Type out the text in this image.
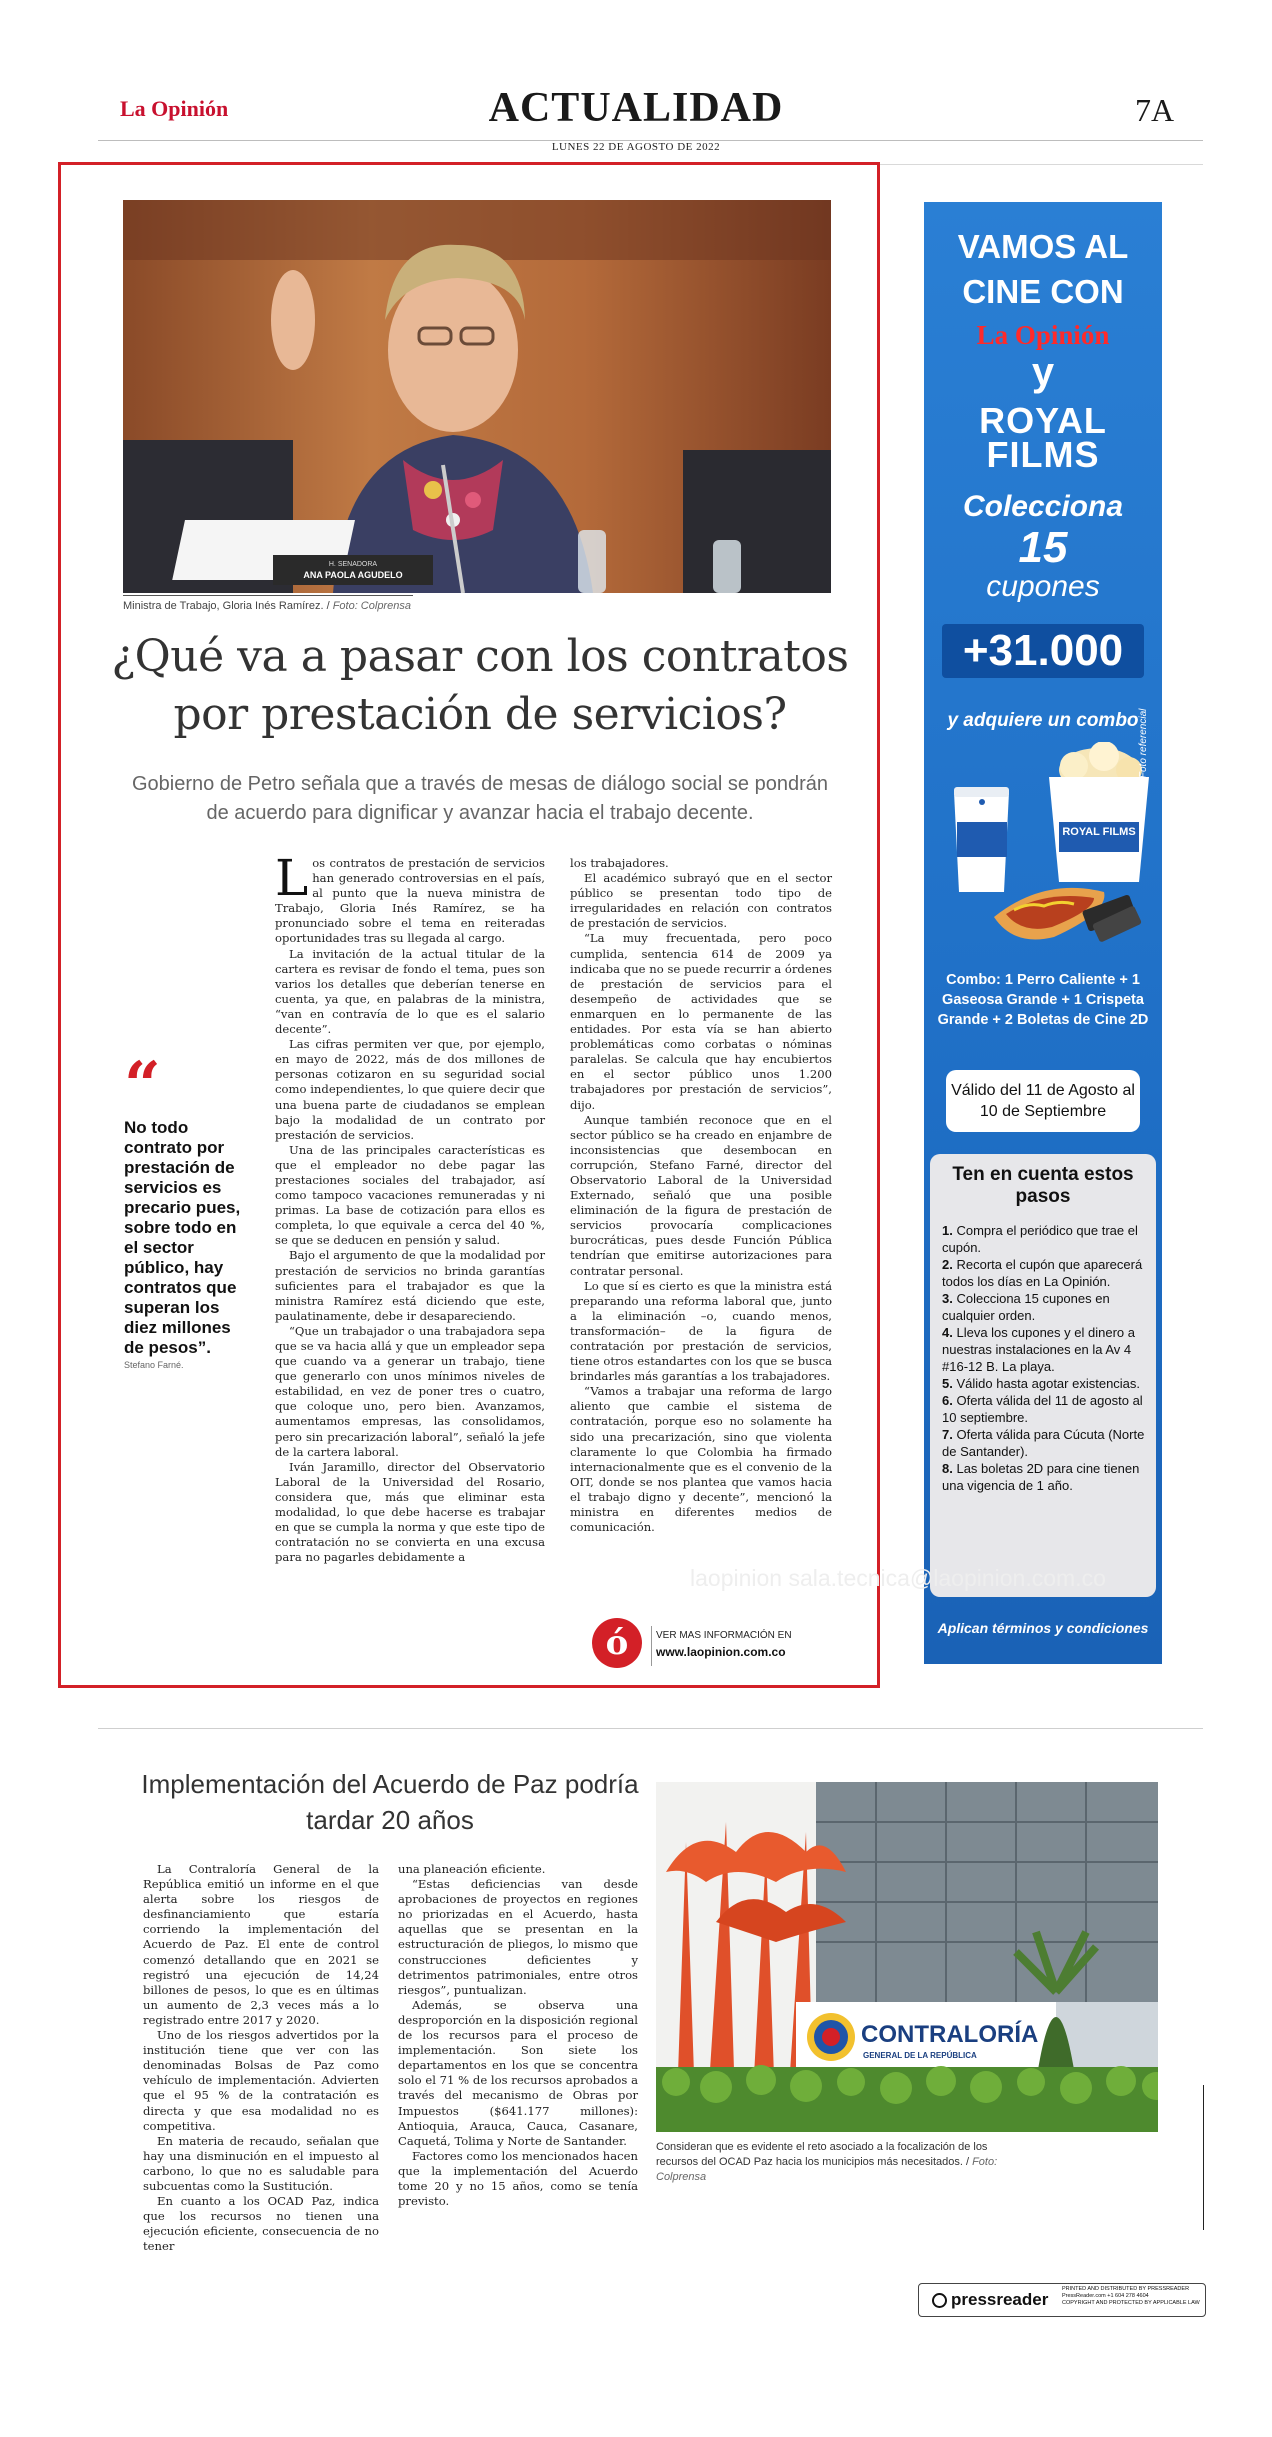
La Opinión	ACTUALIDAD	7A
LUNES 22 DE AGOSTO DE 2022
H. SENADORA
ANA PAOLA AGUDELO
Ministra de Trabajo, Gloria Inés Ramírez. / Foto: Colprensa
¿Qué va a pasar con los contratos por prestación de servicios?
Gobierno de Petro señala que a través de mesas de diálogo social se pondrán de acuerdo para dignificar y avanzar hacia el trabajo decente.
“
No todo contrato por prestación de servicios es precario pues, sobre todo en el sector público, hay contratos que superan los diez millones de pesos”.
Stefano Farné.

Los contratos de prestación de servicios han generado controversias en el país, al punto que la nueva ministra de Trabajo, Gloria Inés Ramírez, se ha pronunciado sobre el tema en reiteradas oportunidades tras su llegada al cargo.

La invitación de la actual titular de la cartera es revisar de fondo el tema, pues son varios los detalles que deberían tenerse en cuenta, ya que, en palabras de la ministra, “van en contravía de lo que es el salario decente”.

Las cifras permiten ver que, por ejemplo, en mayo de 2022, más de dos millones de personas cotizaron en su seguridad social como independientes, lo que quiere decir que una buena parte de ciudadanos se emplean bajo la modalidad de un contrato por prestación de servicios.

Una de las principales características es que el empleador no debe pagar las prestaciones sociales del trabajador, así como tampoco vacaciones remuneradas y ni primas. La base de cotización para ellos es completa, lo que equivale a cerca del 40 %, se que se deducen en pensión y salud.

Bajo el argumento de que la modalidad por prestación de servicios no brinda garantías suficientes para el trabajador es que la ministra Ramírez está diciendo que este, paulatinamente, debe ir desapareciendo.

“Que un trabajador o una trabajadora sepa que se va hacia allá y que un empleador sepa que cuando va a generar un trabajo, tiene que generarlo con unos mínimos niveles de estabilidad, en vez de poner tres o cuatro, que coloque uno, pero bien. Avanzamos, aumentamos empresas, las consolidamos, pero sin precarización laboral”, señaló la jefe de la cartera laboral.

Iván Jaramillo, director del Observatorio Laboral de la Universidad del Rosario, considera que, más que eliminar esta modalidad, lo que debe hacerse es trabajar en que se cumpla la norma y que este tipo de contratación no se convierta en una excusa para no pagarles debidamente a

los trabajadores.

El académico subrayó que en el sector público se presentan todo tipo de irregularidades en relación con contratos de prestación de servicios.

“La muy frecuentada, pero poco cumplida, sentencia 614 de 2009 ya indicaba que no se puede recurrir a órdenes de prestación de servicios para el desempeño de actividades que se enmarquen en lo permanente de las entidades. Por esta vía se han abierto problemáticas como corbatas o nóminas paralelas. Se calcula que hay encubiertos en el sector público unos 1.200 trabajadores por prestación de servicios”, dijo.

Aunque también reconoce que en el sector público se ha creado en enjambre de inconsistencias que desembocan en corrupción, Stefano Farné, director del Observatorio Laboral de la Universidad Externado, señaló que una posible eliminación de la figura de prestación de servicios provocaría complicaciones burocráticas, pues desde Función Pública tendrían que emitirse autorizaciones para contratar personal.

Lo que sí es cierto es que la ministra está preparando una reforma laboral que, junto a la eliminación –o, cuando menos, transformación– de la figura de contratación por prestación de servicios, tiene otros estandartes con los que se busca brindarles más garantías a los trabajadores.

“Vamos a trabajar una reforma de largo aliento que cambie el sistema de contratación, porque eso no solamente ha sido una precarización, sino que violenta claramente lo que Colombia ha firmado internacionalmente que es el convenio de la OIT, donde se nos plantea que vamos hacia el trabajo digno y decente”, mencionó la ministra en diferentes medios de comunicación.

ó	VER MAS INFORMACIÓN EN
www.laopinion.com.co
VAMOS AL CINE CON
La Opinión
y
ROYAL FILMS
Colecciona
15
cupones
+31.000
y adquiere un combo
ROYAL FILMS
*Foto referencial
Combo: 1 Perro Caliente + 1 Gaseosa Grande + 1 Crispeta Grande + 2 Boletas de Cine 2D
Válido del 11 de Agosto al 10 de Septiembre
Ten en cuenta estos pasos
1. Compra el periódico que trae el cupón.
2. Recorta el cupón que aparecerá todos los días en La Opinión.
3. Colecciona 15 cupones en cualquier orden.
4. Lleva los cupones y el dinero a nuestras instalaciones en la Av 4 #16-12 B. La playa.
5. Válido hasta agotar existencias.
6. Oferta válida del 11 de agosto al 10 septiembre.
7. Oferta válida para Cúcuta (Norte de Santander).
8. Las boletas 2D para cine tienen una vigencia de 1 año.
Aplican términos y condiciones
laopinion sala.tecnica@laopinion.com.co
Implementación del Acuerdo de Paz podría tardar 20 años

La Contraloría General de la República emitió un informe en el que alerta sobre los riesgos de desfinanciamiento que estaría corriendo la implementación del Acuerdo de Paz. El ente de control comenzó detallando que en 2021 se registró una ejecución de 14,24 billones de pesos, lo que es en últimas un aumento de 2,3 veces más a lo registrado entre 2017 y 2020.

Uno de los riesgos advertidos por la institución tiene que ver con las denominadas Bolsas de Paz como vehículo de implementación. Advierten que el 95 % de la contratación es directa y que esa modalidad no es competitiva.

En materia de recaudo, señalan que hay una disminución en el impuesto al carbono, lo que no es saludable para subcuentas como la Sustitución.

En cuanto a los OCAD Paz, indica que los recursos no tienen una ejecución eficiente, consecuencia de no tener

una planeación eficiente.

“Estas deficiencias van desde aprobaciones de proyectos en regiones no priorizadas en el Acuerdo, hasta aquellas que se presentan en la estructuración de pliegos, lo mismo que construcciones deficientes y detrimentos patrimoniales, entre otros riesgos”, puntualizan.

Además, se observa una desproporción en la disposición regional de los recursos para el proceso de implementación. Son siete los departamentos en los que se concentra solo el 71 % de los recursos aprobados a través del mecanismo de Obras por Impuestos ($641.177 millones): Antioquia, Arauca, Cauca, Casanare, Caquetá, Tolima y Norte de Santander.

Factores como los mencionados hacen que la implementación del Acuerdo tome 20 y no 15 años, como se tenía previsto.

CONTRALORÍA
GENERAL DE LA REPÚBLICA
Consideran que es evidente el reto asociado a la focalización de los recursos del OCAD Paz hacia los municipios más necesitados. / Foto: Colprensa
pressreader
PRINTED AND DISTRIBUTED BY PRESSREADER
PressReader.com +1 604 278 4604
COPYRIGHT AND PROTECTED BY APPLICABLE LAW
